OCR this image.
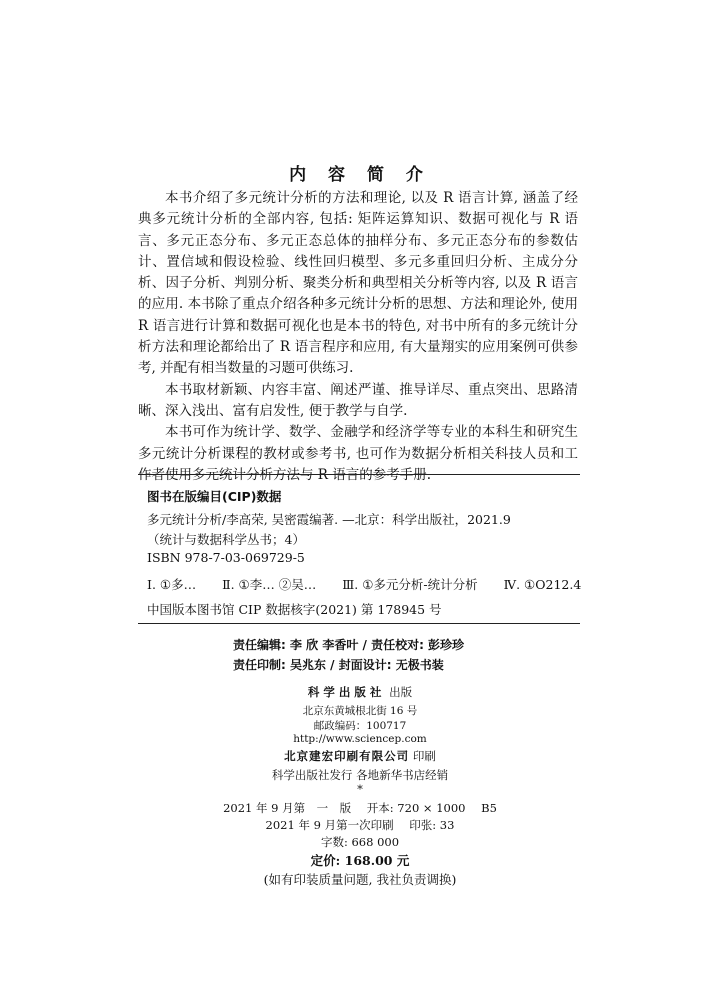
内 容 简 介

本书介绍了多元统计分析的方法和理论, 以及 R 语言计算, 涵盖了经典多元统计分析的全部内容, 包括: 矩阵运算知识、数据可视化与 R 语言、多元正态分布、多元正态总体的抽样分布、多元正态分布的参数估计、置信域和假设检验、线性回归模型、多元多重回归分析、主成分分析、因子分析、判别分析、聚类分析和典型相关分析等内容, 以及 R 语言的应用. 本书除了重点介绍各种多元统计分析的思想、方法和理论外, 使用 R 语言进行计算和数据可视化也是本书的特色, 对书中所有的多元统计分析方法和理论都给出了 R 语言程序和应用, 有大量翔实的应用案例可供参考, 并配有相当数量的习题可供练习.

本书取材新颖、内容丰富、阐述严谨、推导详尽、重点突出、思路清晰、深入浅出、富有启发性, 便于教学与自学.

本书可作为统计学、数学、金融学和经济学等专业的本科生和研究生多元统计分析课程的教材或参考书, 也可作为数据分析相关科技人员和工作者使用多元统计分析方法与 R 语言的参考手册.

图书在版编目(CIP)数据
多元统计分析/李高荣, 吴密霞编著. —北京：科学出版社，2021.9
（统计与数据科学丛书；4）
ISBN 978-7-03-069729-5
Ⅰ. ①多… Ⅱ. ①李… ②吴… Ⅲ. ①多元分析-统计分析 Ⅳ. ①O212.4
中国版本图书馆 CIP 数据核字(2021) 第 178945 号
责任编辑: 李 欣 李香叶 / 责任校对: 彭珍珍
责任印制: 吴兆东 / 封面设计: 无极书装
科学出版社 出版
北京东黄城根北街 16 号
邮政编码：100717
http://www.sciencep.com
北京建宏印刷有限公司 印刷
科学出版社发行 各地新华书店经销
*
2021 年 9 月第　一　版 开本: 720 × 1000 B5
2021 年 9 月第一次印刷 印张: 33
字数: 668 000
定价: 168.00 元
(如有印装质量问题, 我社负责调换)
